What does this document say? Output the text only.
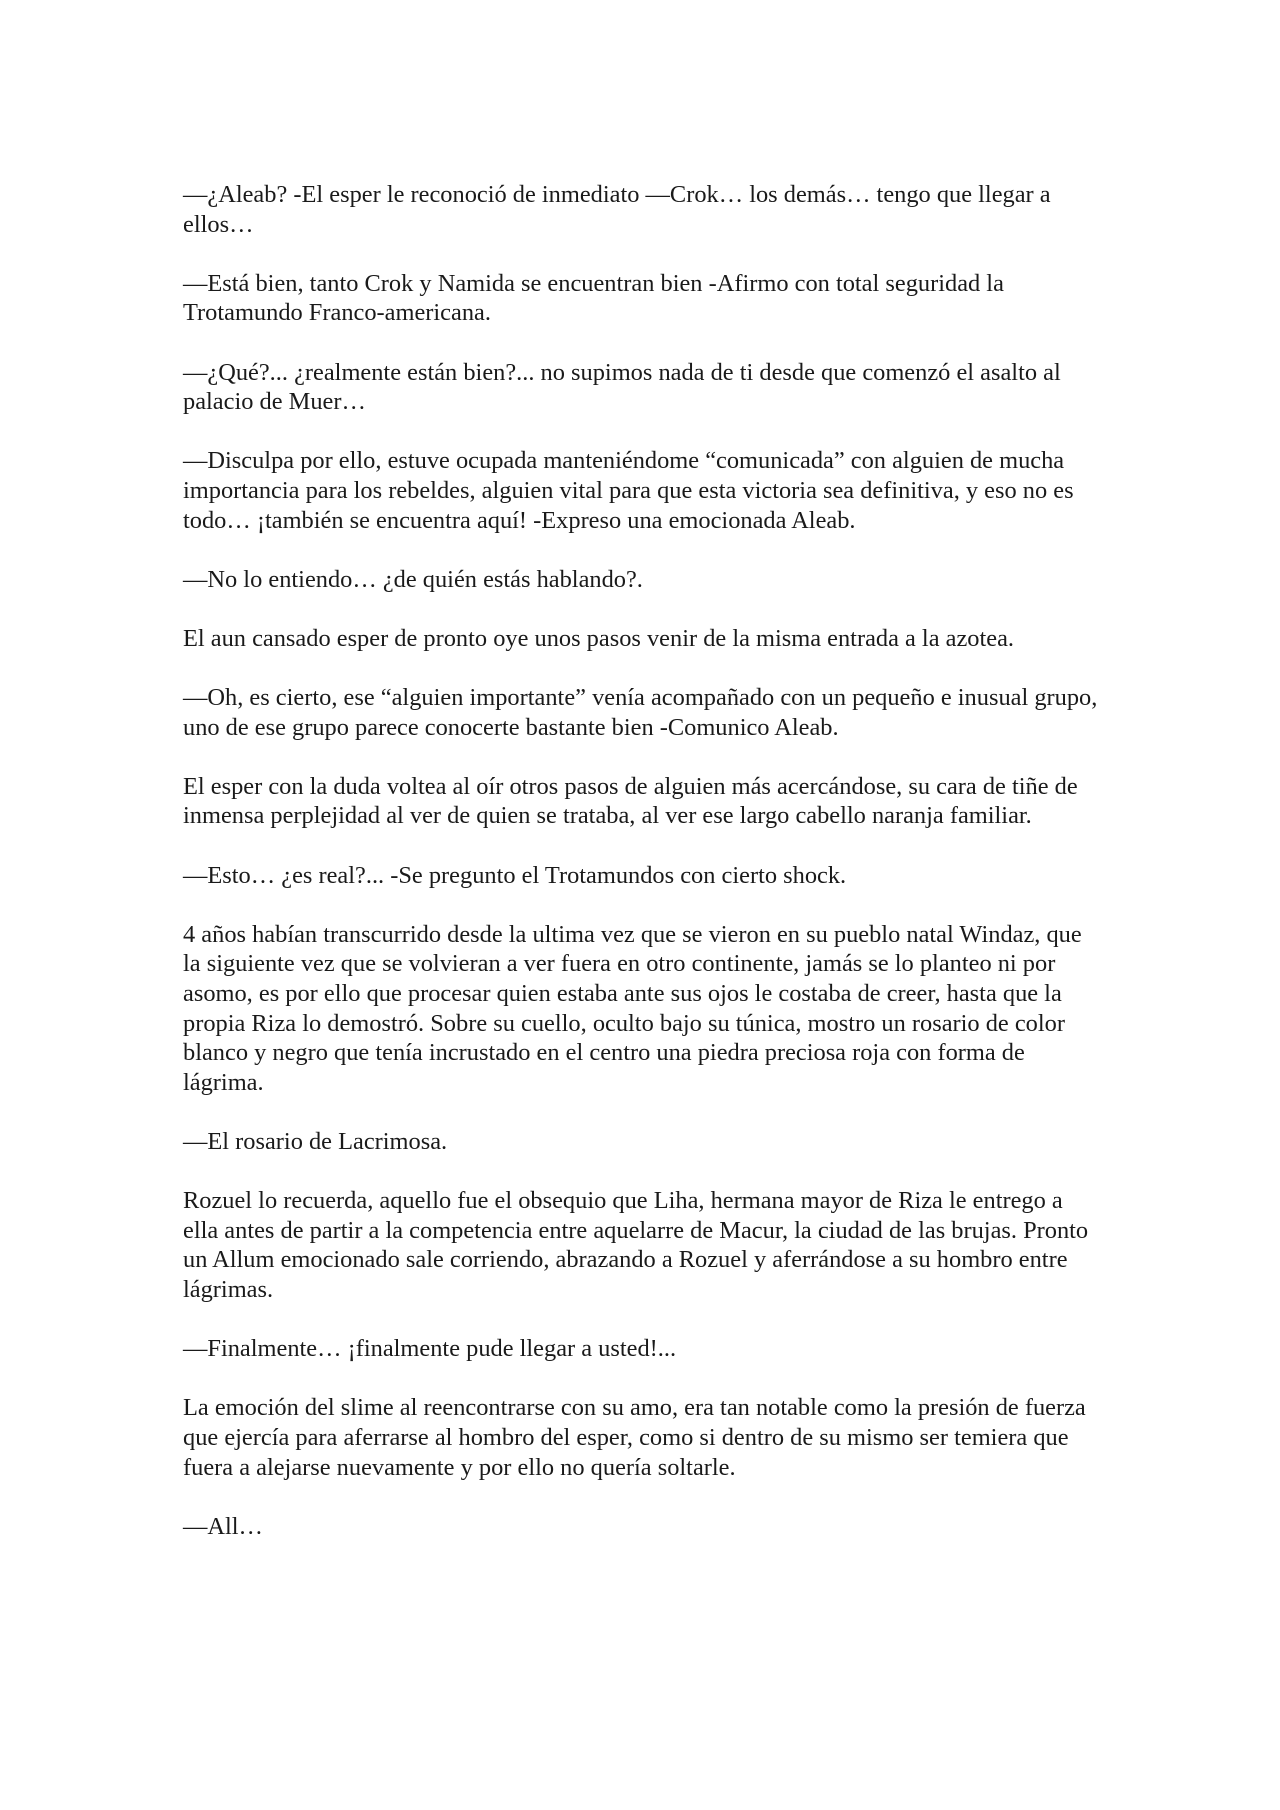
—¿Aleab? -El esper le reconoció de inmediato —Crok… los demás… tengo que llegar a ellos…

—Está bien, tanto Crok y Namida se encuentran bien -Afirmo con total seguridad la Trotamundo Franco-americana.

—¿Qué?... ¿realmente están bien?... no supimos nada de ti desde que comenzó el asalto al palacio de Muer…

—Disculpa por ello, estuve ocupada manteniéndome “comunicada” con alguien de mucha importancia para los rebeldes, alguien vital para que esta victoria sea definitiva, y eso no es todo… ¡también se encuentra aquí! -Expreso una emocionada Aleab.

—No lo entiendo… ¿de quién estás hablando?.

El aun cansado esper de pronto oye unos pasos venir de la misma entrada a la azotea.

—Oh, es cierto, ese “alguien importante” venía acompañado con un pequeño e inusual grupo, uno de ese grupo parece conocerte bastante bien -Comunico Aleab.

El esper con la duda voltea al oír otros pasos de alguien más acercándose, su cara de tiñe de inmensa perplejidad al ver de quien se trataba, al ver ese largo cabello naranja familiar.

—Esto… ¿es real?... -Se pregunto el Trotamundos con cierto shock.

4 años habían transcurrido desde la ultima vez que se vieron en su pueblo natal Windaz, que la siguiente vez que se volvieran a ver fuera en otro continente, jamás se lo planteo ni por asomo, es por ello que procesar quien estaba ante sus ojos le costaba de creer, hasta que la propia Riza lo demostró. Sobre su cuello, oculto bajo su túnica, mostro un rosario de color blanco y negro que tenía incrustado en el centro una piedra preciosa roja con forma de lágrima.

—El rosario de Lacrimosa.

Rozuel lo recuerda, aquello fue el obsequio que Liha, hermana mayor de Riza le entrego a ella antes de partir a la competencia entre aquelarre de Macur, la ciudad de las brujas. Pronto un Allum emocionado sale corriendo, abrazando a Rozuel y aferrándose a su hombro entre lágrimas.

—Finalmente… ¡finalmente pude llegar a usted!...

La emoción del slime al reencontrarse con su amo, era tan notable como la presión de fuerza que ejercía para aferrarse al hombro del esper, como si dentro de su mismo ser temiera que fuera a alejarse nuevamente y por ello no quería soltarle.

—All…
